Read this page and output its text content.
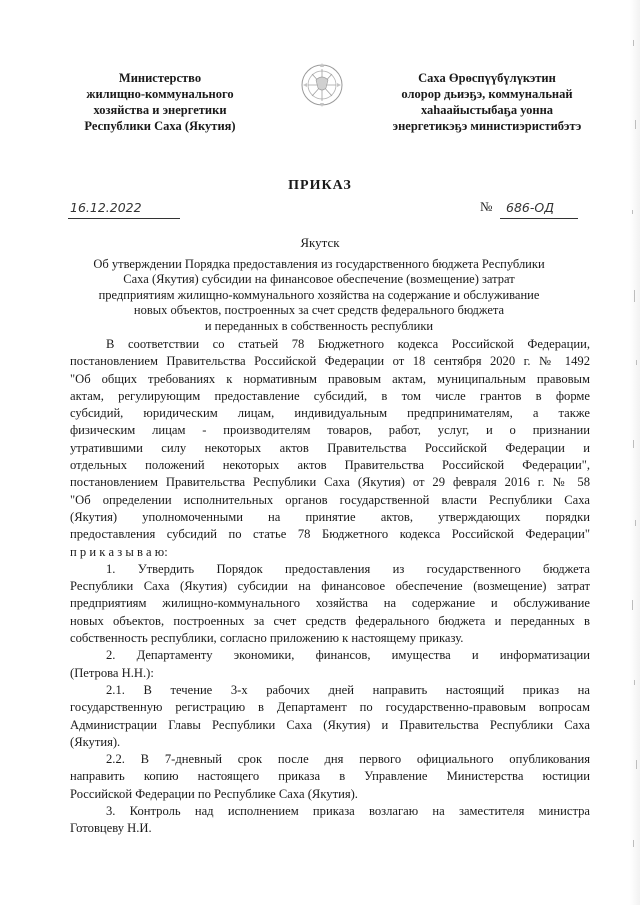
Министерство
жилищно-коммунального
хозяйства и энергетики
Республики Саха (Якутия)
Саха Өрөспүүбүлүкэтин
олорор дьиэҕэ, коммунальнай
хаһаайыстыбаҕа уонна
энергетикэҕэ министиэристибэтэ
ПРИКАЗ
16.12.2022	№	686-ОД
Якутск
Об утверждении Порядка предоставления из государственного бюджета Республики
Саха (Якутия) субсидии на финансовое обеспечение (возмещение) затрат
предприятиям жилищно-коммунального хозяйства на содержание и обслуживание
новых объектов, построенных за счет средств федерального бюджета
и переданных в собственность республики
В соответствии со статьей 78 Бюджетного кодекса Российской Федерации,
постановлением Правительства Российской Федерации от 18 сентября 2020 г. № 1492
"Об общих требованиях к нормативным правовым актам, муниципальным правовым
актам, регулирующим предоставление субсидий, в том числе грантов в форме
субсидий, юридическим лицам, индивидуальным предпринимателям, а также
физическим лицам - производителям товаров, работ, услуг, и о признании
утратившими силу некоторых актов Правительства Российской Федерации и
отдельных положений некоторых актов Правительства Российской Федерации",
постановлением Правительства Республики Саха (Якутия) от 29 февраля 2016 г. № 58
"Об определении исполнительных органов государственной власти Республики Саха
(Якутия) уполномоченными на принятие актов, утверждающих порядки
предоставления субсидий по статье 78 Бюджетного кодекса Российской Федерации"
п р и к а з ы в а ю:
1. Утвердить Порядок предоставления из государственного бюджета
Республики Саха (Якутия) субсидии на финансовое обеспечение (возмещение) затрат
предприятиям жилищно-коммунального хозяйства на содержание и обслуживание
новых объектов, построенных за счет средств федерального бюджета и переданных в
собственность республики, согласно приложению к настоящему приказу.
2. Департаменту экономики, финансов, имущества и информатизации
(Петрова Н.Н.):
2.1. В течение 3-х рабочих дней направить настоящий приказ на
государственную регистрацию в Департамент по государственно-правовым вопросам
Администрации Главы Республики Саха (Якутия) и Правительства Республики Саха
(Якутия).
2.2. В 7-дневный срок после дня первого официального опубликования
направить копию настоящего приказа в Управление Министерства юстиции
Российской Федерации по Республике Саха (Якутия).
3. Контроль над исполнением приказа возлагаю на заместителя министра
Готовцеву Н.И.
